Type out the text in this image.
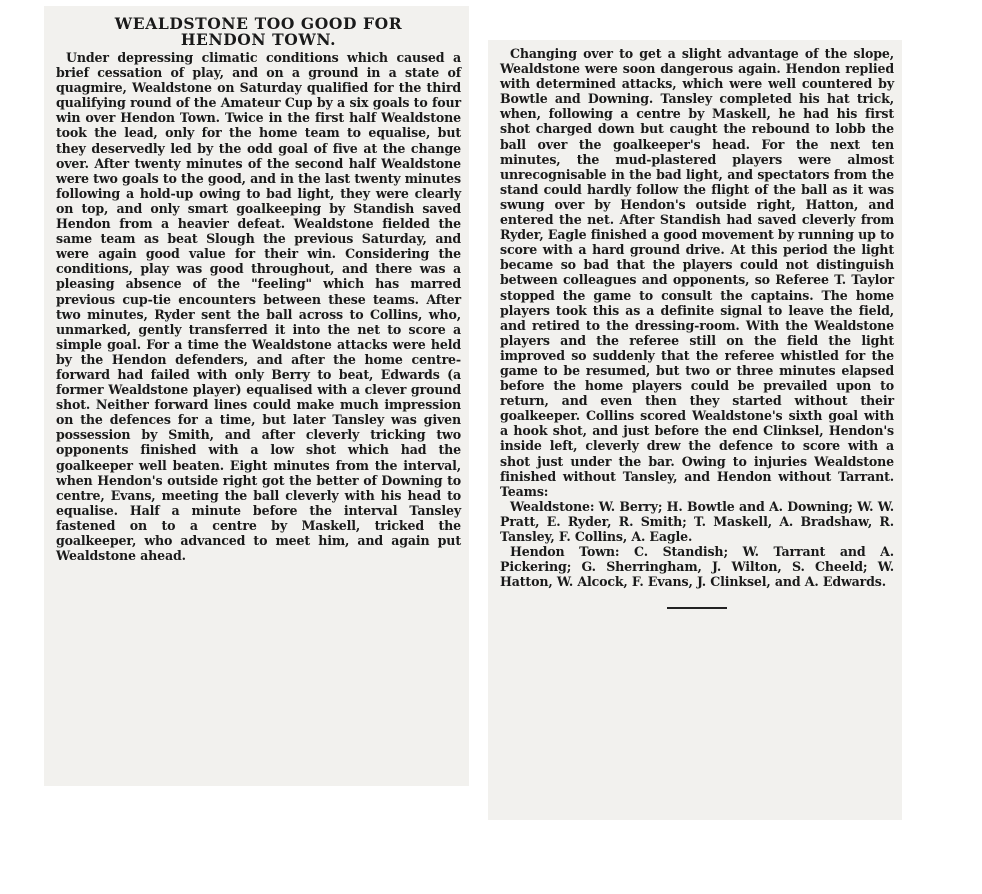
WEALDSTONE TOO GOOD FOR
HENDON TOWN.

Under depressing climatic conditions which caused a brief cessation of play, and on a ground in a state of quagmire, Wealdstone on Saturday qualified for the third qualifying round of the Amateur Cup by a six goals to four win over Hendon Town. Twice in the first half Wealdstone took the lead, only for the home team to equalise, but they deservedly led by the odd goal of five at the change over. After twenty minutes of the second half Wealdstone were two goals to the good, and in the last twenty minutes following a hold-up owing to bad light, they were clearly on top, and only smart goalkeeping by Standish saved Hendon from a heavier defeat. Wealdstone fielded the same team as beat Slough the previous Saturday, and were again good value for their win. Considering the conditions, play was good throughout, and there was a pleasing absence of the "feeling" which has marred previous cup-tie encounters between these teams. After two minutes, Ryder sent the ball across to Collins, who, unmarked, gently transferred it into the net to score a simple goal. For a time the Wealdstone attacks were held by the Hendon defenders, and after the home centre-forward had failed with only Berry to beat, Edwards (a former Wealdstone player) equalised with a clever ground shot. Neither forward lines could make much impression on the defences for a time, but later Tansley was given possession by Smith, and after cleverly tricking two opponents finished with a low shot which had the goalkeeper well beaten. Eight minutes from the interval, when Hendon's outside right got the better of Downing to centre, Evans, meeting the ball cleverly with his head to equalise. Half a minute before the interval Tansley fastened on to a centre by Maskell, tricked the goalkeeper, who advanced to meet him, and again put Wealdstone ahead.

Changing over to get a slight advantage of the slope, Wealdstone were soon dangerous again. Hendon replied with determined attacks, which were well countered by Bowtle and Downing. Tansley completed his hat trick, when, following a centre by Maskell, he had his first shot charged down but caught the rebound to lobb the ball over the goalkeeper's head. For the next ten minutes, the mud-plastered players were almost unrecognisable in the bad light, and spectators from the stand could hardly follow the flight of the ball as it was swung over by Hendon's outside right, Hatton, and entered the net. After Standish had saved cleverly from Ryder, Eagle finished a good movement by running up to score with a hard ground drive. At this period the light became so bad that the players could not distinguish between colleagues and opponents, so Referee T. Taylor stopped the game to consult the captains. The home players took this as a definite signal to leave the field, and retired to the dressing-room. With the Wealdstone players and the referee still on the field the light improved so suddenly that the referee whistled for the game to be resumed, but two or three minutes elapsed before the home players could be prevailed upon to return, and even then they started without their goalkeeper. Collins scored Wealdstone's sixth goal with a hook shot, and just before the end Clinksel, Hendon's inside left, cleverly drew the defence to score with a shot just under the bar. Owing to injuries Wealdstone finished without Tansley, and Hendon without Tarrant. Teams:

Wealdstone: W. Berry; H. Bowtle and A. Downing; W. W. Pratt, E. Ryder, R. Smith; T. Maskell, A. Bradshaw, R. Tansley, F. Collins, A. Eagle.

Hendon Town: C. Standish; W. Tarrant and A. Pickering; G. Sherringham, J. Wilton, S. Cheeld; W. Hatton, W. Alcock, F. Evans, J. Clinksel, and A. Edwards.
